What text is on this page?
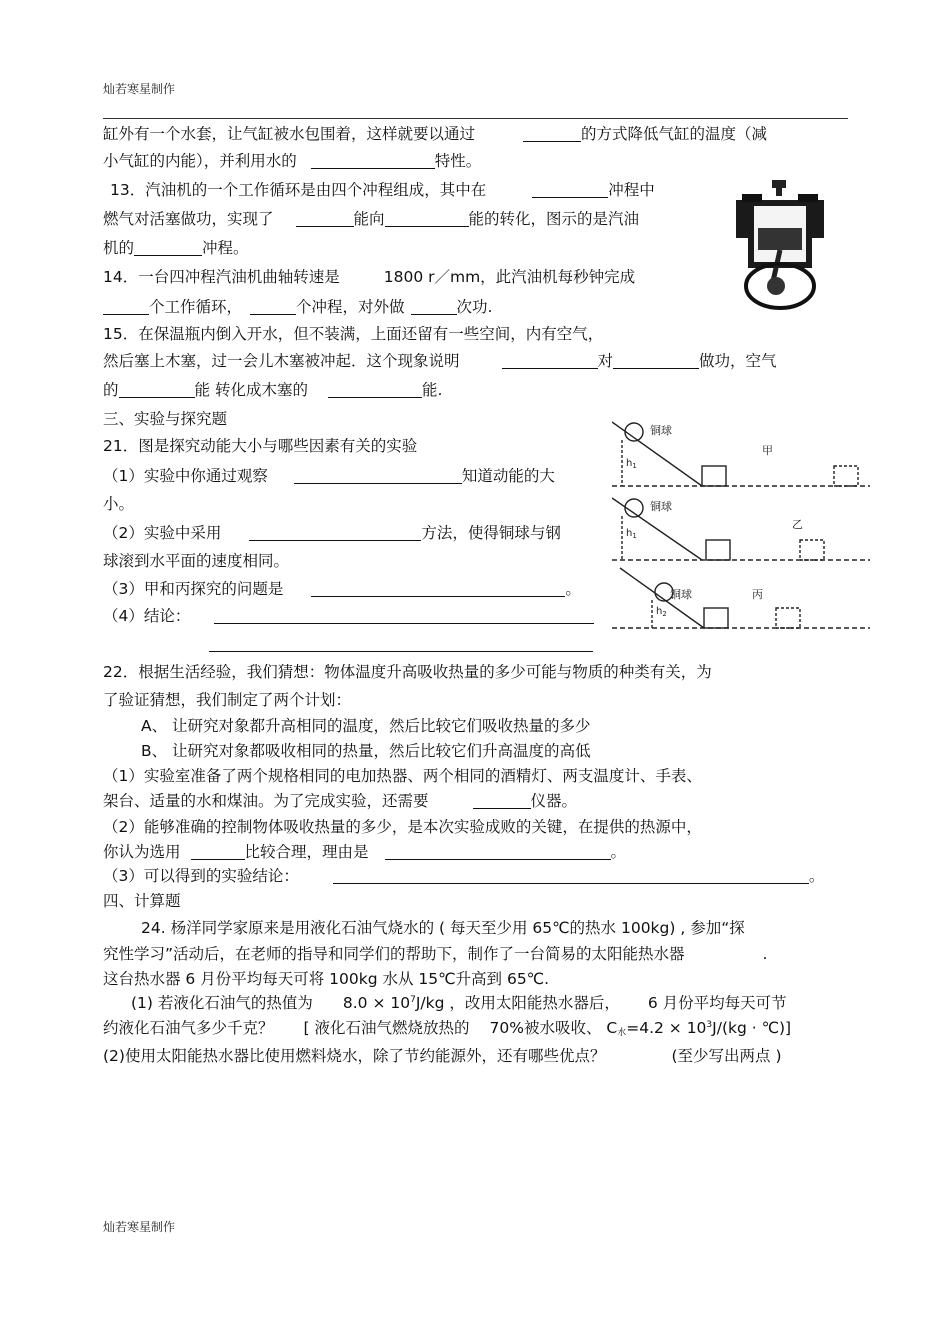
灿若寒星制作
缸外有一个水套，让气缸被水包围着，这样就要以通过	的方式降低气缸的温度（减
小气缸的内能），并利用水的	特性。
13．汽油机的一个工作循环是由四个冲程组成，其中在	冲程中
燃气对活塞做功，实现了	能向	能的转化，图示的是汽油
机的	冲程。
14．一台四冲程汽油机曲轴转速是	1800 r／mm，此汽油机每秒钟完成
个工作循环，	个冲程，对外做	次功.
15．在保温瓶内倒入开水，但不装满，上面还留有一些空间，内有空气，
然后塞上木塞，过一会儿木塞被冲起．这个现象说明	对	做功，空气
的	能 转化成木塞的	能.
三、实验与探究题
21．图是探究动能大小与哪些因素有关的实验
（1）实验中你通过观察	知道动能的大
小。
（2）实验中采用	方法，使得铜球与钢
球滚到水平面的速度相同。
（3）甲和丙探究的问题是	。
（4）结论：
铜球
甲
铜球
乙
铜球	丙
$h_1$
$h_1$
$h_2$
22．根据生活经验，我们猜想：物体温度升高吸收热量的多少可能与物质的种类有关，为
了验证猜想，我们制定了两个计划：
A、 让研究对象都升高相同的温度，然后比较它们吸收热量的多少
B、 让研究对象都吸收相同的热量，然后比较它们升高温度的高低
（1）实验室准备了两个规格相同的电加热器、两个相同的酒精灯、两支温度计、手表、
架台、适量的水和煤油。为了完成实验，还需要	仪器。
（2）能够准确的控制物体吸收热量的多少，是本次实验成败的关键，在提供的热源中，
你认为选用	比较合理，理由是	。
（3）可以得到的实验结论：	。
四、计算题
24. 杨洋同学家原来是用液化石油气烧水的 ( 每天至少用 65℃的热水 100kg) , 参加“探
究性学习”活动后，在老师的指导和同学们的帮助下，制作了一台简易的太阳能热水器	.
这台热水器 6 月份平均每天可将 100kg 水从 15℃升高到 65℃.
(1) 若液化石油气的热值为 $8.0 \times 10^7J/kg$ ，改用太阳能热水器后， 6 月份平均每天可节
约液化石油气多少千克？ [ 液化石油气燃烧放热的 70%被水吸收、 $C_水=4.2 \times 10^3J/(kg$ · ℃)]
(2)使用太阳能热水器比使用燃料烧水，除了节约能源外，还有哪些优点？	(至少写出两点 )
灿若寒星制作
